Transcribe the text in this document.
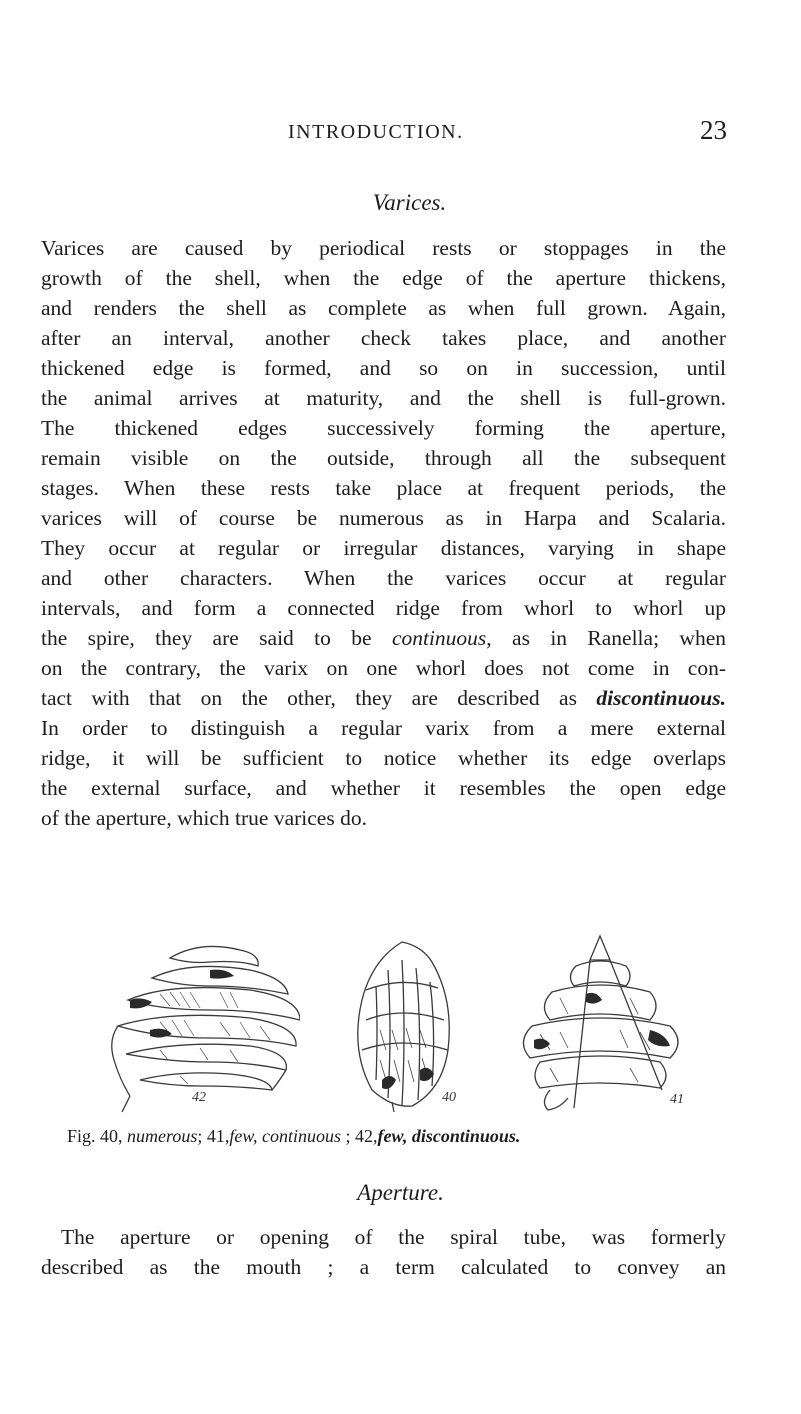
INTRODUCTION.	23
Varices.
Varices are caused by periodical rests or stoppages in the
growth of the shell, when the edge of the aperture thickens,
and renders the shell as complete as when full grown. Again,
after an interval, another check takes place, and another
thickened edge is formed, and so on in succession, until
the animal arrives at maturity, and the shell is full-grown.
The thickened edges successively forming the aperture,
remain visible on the outside, through all the subsequent
stages. When these rests take place at frequent periods, the
varices will of course be numerous as in Harpa and Scalaria.
They occur at regular or irregular distances, varying in shape
and other characters. When the varices occur at regular
intervals, and form a connected ridge from whorl to whorl up
the spire, they are said to be continuous, as in Ranella; when
on the contrary, the varix on one whorl does not come in con-
tact with that on the other, they are described as discontinuous.
In order to distinguish a regular varix from a mere external
ridge, it will be sufficient to notice whether its edge overlaps
the external surface, and whether it resembles the open edge
of the aperture, which true varices do.
42	40	41
Fig. 40, numerous; 41,few, continuous ; 42,few, discontinuous.
Aperture.
The aperture or opening of the spiral tube, was formerly
described as the mouth ; a term calculated to convey an
